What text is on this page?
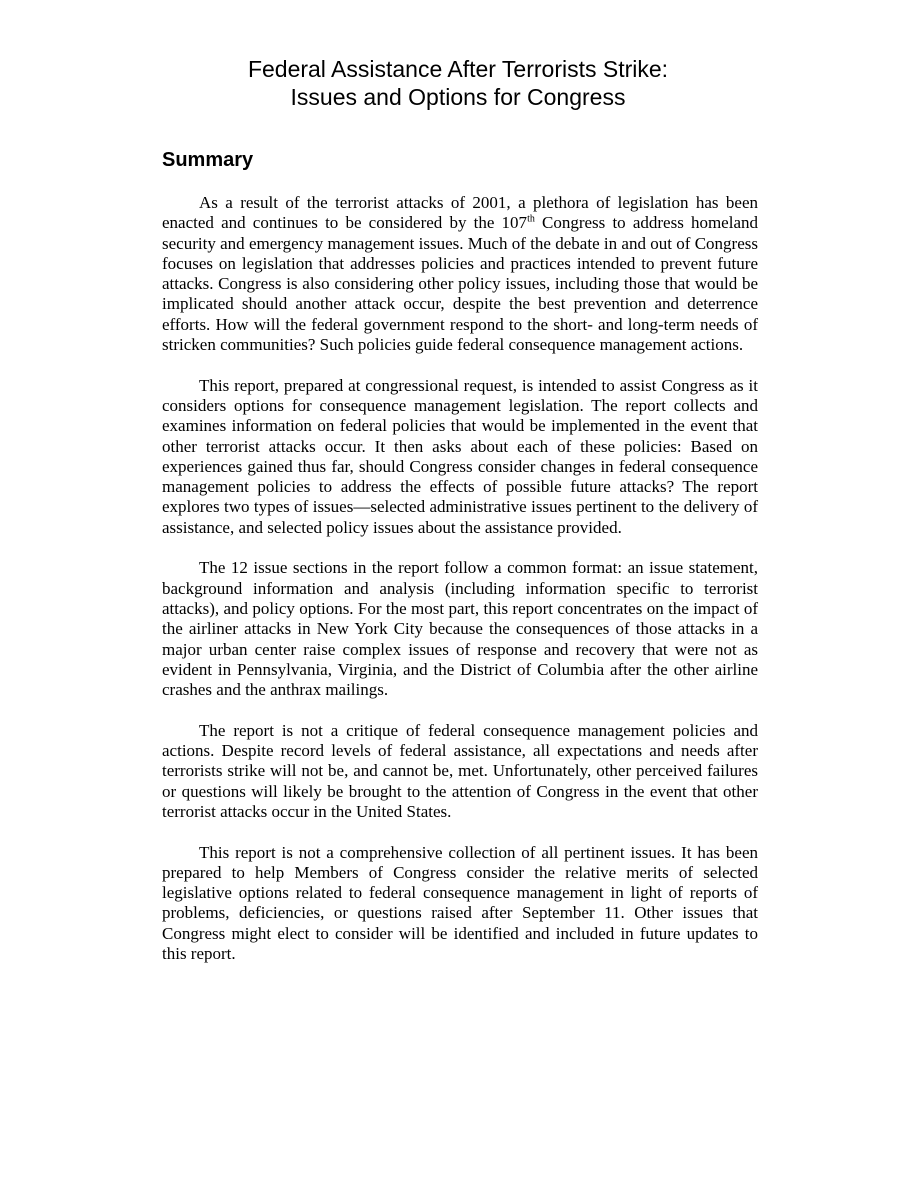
Federal Assistance After Terrorists Strike:
Issues and Options for Congress
Summary

As a result of the terrorist attacks of 2001, a plethora of legislation has been enacted and continues to be considered by the 107th Congress to address homeland security and emergency management issues. Much of the debate in and out of Congress focuses on legislation that addresses policies and practices intended to prevent future attacks. Congress is also considering other policy issues, including those that would be implicated should another attack occur, despite the best prevention and deterrence efforts. How will the federal government respond to the short- and long-term needs of stricken communities? Such policies guide federal consequence management actions.

This report, prepared at congressional request, is intended to assist Congress as it considers options for consequence management legislation. The report collects and examines information on federal policies that would be implemented in the event that other terrorist attacks occur. It then asks about each of these policies: Based on experiences gained thus far, should Congress consider changes in federal consequence management policies to address the effects of possible future attacks? The report explores two types of issues—selected administrative issues pertinent to the delivery of assistance, and selected policy issues about the assistance provided.

The 12 issue sections in the report follow a common format: an issue statement, background information and analysis (including information specific to terrorist attacks), and policy options. For the most part, this report concentrates on the impact of the airliner attacks in New York City because the consequences of those attacks in a major urban center raise complex issues of response and recovery that were not as evident in Pennsylvania, Virginia, and the District of Columbia after the other airline crashes and the anthrax mailings.

The report is not a critique of federal consequence management policies and actions. Despite record levels of federal assistance, all expectations and needs after terrorists strike will not be, and cannot be, met. Unfortunately, other perceived failures or questions will likely be brought to the attention of Congress in the event that other terrorist attacks occur in the United States.

This report is not a comprehensive collection of all pertinent issues. It has been prepared to help Members of Congress consider the relative merits of selected legislative options related to federal consequence management in light of reports of problems, deficiencies, or questions raised after September 11. Other issues that Congress might elect to consider will be identified and included in future updates to this report.
